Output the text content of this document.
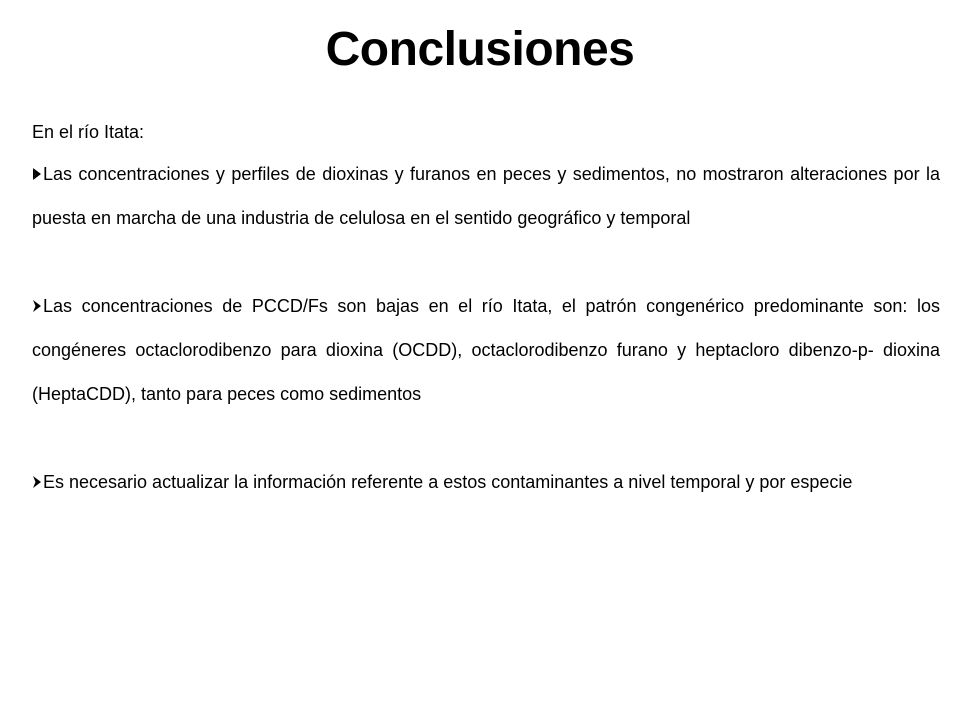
Conclusiones

En el río Itata:

Las concentraciones y perfiles de dioxinas y furanos en peces y sedimentos, no mostraron alteraciones por la puesta en marcha de una industria de celulosa en el sentido geográfico y temporal

Las concentraciones de PCCD/Fs son bajas en el río Itata, el patrón congenérico predominante son: los congéneres octaclorodibenzo para dioxina (OCDD), octaclorodibenzo furano y heptacloro dibenzo-p- dioxina (HeptaCDD), tanto para peces como sedimentos

Es necesario actualizar la información referente a estos contaminantes a nivel temporal y por especie
